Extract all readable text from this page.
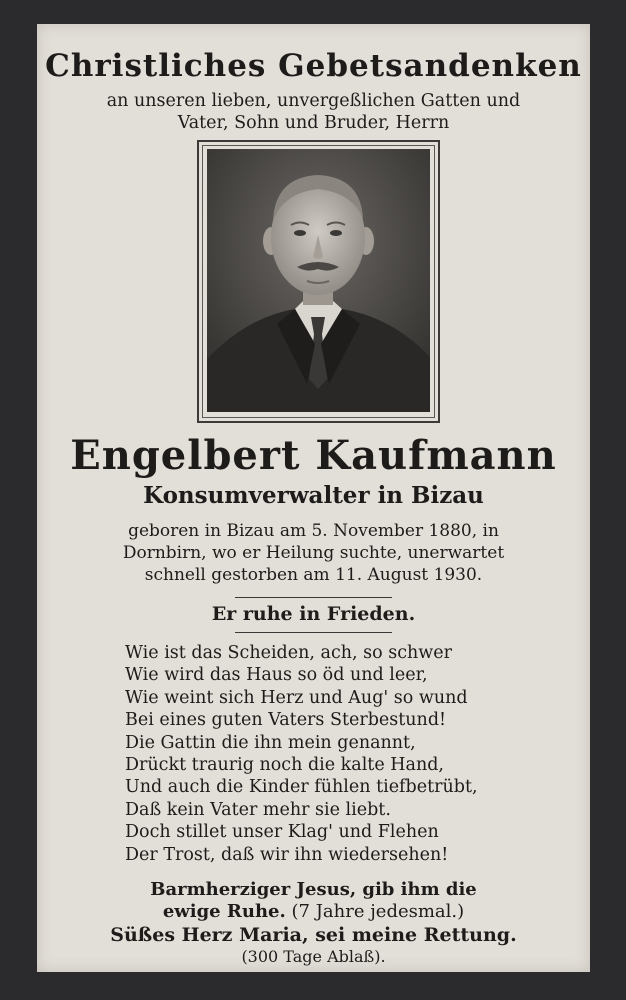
Christliches Gebetsandenken
an unseren lieben, unvergeßlichen Gatten und
Vater, Sohn und Bruder, Herrn
Engelbert Kaufmann
Konsumverwalter in Bizau
geboren in Bizau am 5. November 1880, in
Dornbirn, wo er Heilung suchte, unerwartet
schnell gestorben am 11. August 1930.
Er ruhe in Frieden.
Wie ist das Scheiden, ach, so schwer
Wie wird das Haus so öd und leer,
Wie weint sich Herz und Aug' so wund
Bei eines guten Vaters Sterbestund!
Die Gattin die ihn mein genannt,
Drückt traurig noch die kalte Hand,
Und auch die Kinder fühlen tiefbetrübt,
Daß kein Vater mehr sie liebt.
Doch stillet unser Klag' und Flehen
Der Trost, daß wir ihn wiedersehen!
Barmherziger Jesus, gib ihm die
ewige Ruhe. (7 Jahre jedesmal.)
Süßes Herz Maria, sei meine Rettung.
(300 Tage Ablaß).
